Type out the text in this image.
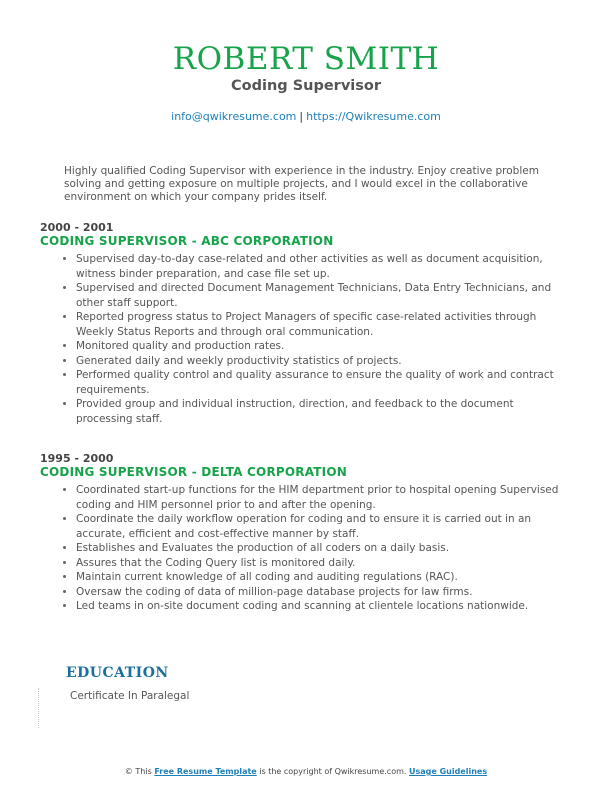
ROBERT SMITH
Coding Supervisor
info@qwikresume.com | https://Qwikresume.com
Highly qualified Coding Supervisor with experience in the industry. Enjoy creative problem solving and getting exposure on multiple projects, and I would excel in the collaborative environment on which your company prides itself.
2000 - 2001
CODING SUPERVISOR - ABC CORPORATION
• Supervised day-to-day case-related and other activities as well as document acquisition, witness binder preparation, and case file set up.
• Supervised and directed Document Management Technicians, Data Entry Technicians, and other staff support.
• Reported progress status to Project Managers of specific case-related activities through Weekly Status Reports and through oral communication.
• Monitored quality and production rates.
• Generated daily and weekly productivity statistics of projects.
• Performed quality control and quality assurance to ensure the quality of work and contract requirements.
• Provided group and individual instruction, direction, and feedback to the document processing staff.
1995 - 2000
CODING SUPERVISOR - DELTA CORPORATION
• Coordinated start-up functions for the HIM department prior to hospital opening Supervised coding and HIM personnel prior to and after the opening.
• Coordinate the daily workflow operation for coding and to ensure it is carried out in an accurate, efficient and cost-effective manner by staff.
• Establishes and Evaluates the production of all coders on a daily basis.
• Assures that the Coding Query list is monitored daily.
• Maintain current knowledge of all coding and auditing regulations (RAC).
• Oversaw the coding of data of million-page database projects for law firms.
• Led teams in on-site document coding and scanning at clientele locations nationwide.
EDUCATION
Certificate In Paralegal
© This Free Resume Template is the copyright of Qwikresume.com. Usage Guidelines
